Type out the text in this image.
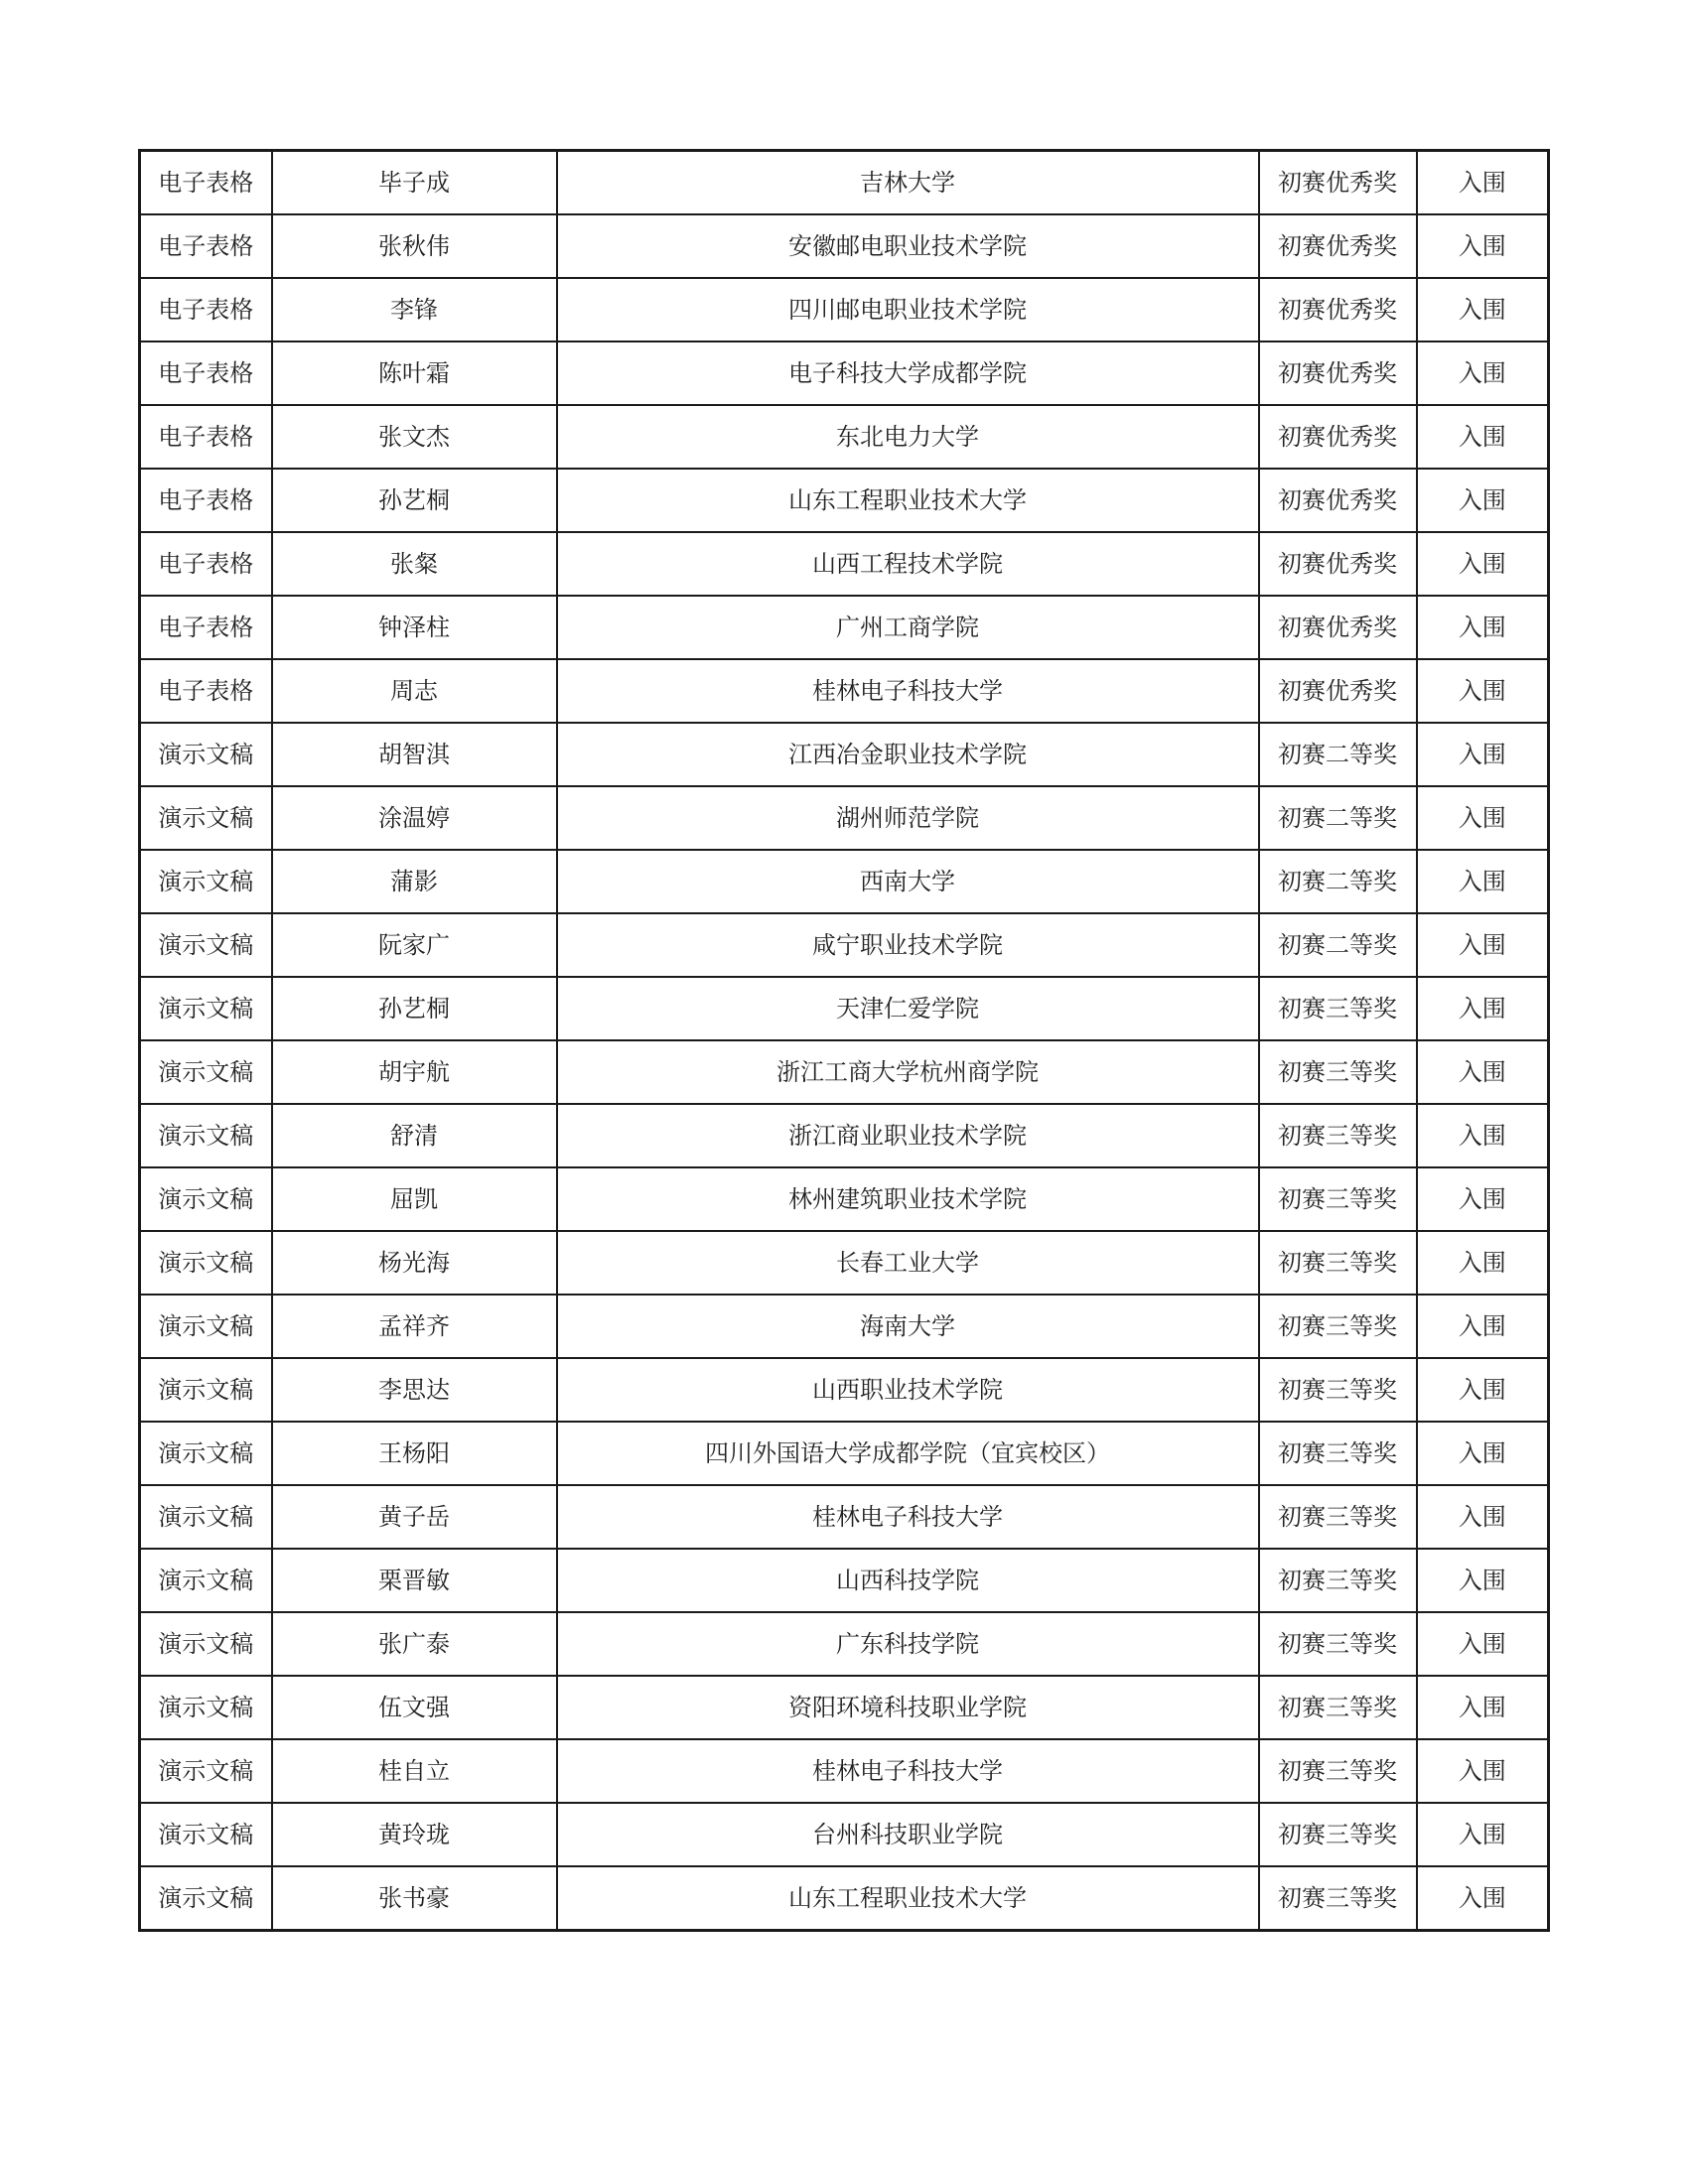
电子表格	毕子成	吉林大学	初赛优秀奖	入围
电子表格	张秋伟	安徽邮电职业技术学院	初赛优秀奖	入围
电子表格	李锋	四川邮电职业技术学院	初赛优秀奖	入围
电子表格	陈叶霜	电子科技大学成都学院	初赛优秀奖	入围
电子表格	张文杰	东北电力大学	初赛优秀奖	入围
电子表格	孙艺桐	山东工程职业技术大学	初赛优秀奖	入围
电子表格	张粲	山西工程技术学院	初赛优秀奖	入围
电子表格	钟泽柱	广州工商学院	初赛优秀奖	入围
电子表格	周志	桂林电子科技大学	初赛优秀奖	入围
演示文稿	胡智淇	江西冶金职业技术学院	初赛二等奖	入围
演示文稿	涂温婷	湖州师范学院	初赛二等奖	入围
演示文稿	蒲影	西南大学	初赛二等奖	入围
演示文稿	阮家广	咸宁职业技术学院	初赛二等奖	入围
演示文稿	孙艺桐	天津仁爱学院	初赛三等奖	入围
演示文稿	胡宇航	浙江工商大学杭州商学院	初赛三等奖	入围
演示文稿	舒清	浙江商业职业技术学院	初赛三等奖	入围
演示文稿	屈凯	林州建筑职业技术学院	初赛三等奖	入围
演示文稿	杨光海	长春工业大学	初赛三等奖	入围
演示文稿	孟祥齐	海南大学	初赛三等奖	入围
演示文稿	李思达	山西职业技术学院	初赛三等奖	入围
演示文稿	王杨阳	四川外国语大学成都学院（宜宾校区）	初赛三等奖	入围
演示文稿	黄子岳	桂林电子科技大学	初赛三等奖	入围
演示文稿	栗晋敏	山西科技学院	初赛三等奖	入围
演示文稿	张广泰	广东科技学院	初赛三等奖	入围
演示文稿	伍文强	资阳环境科技职业学院	初赛三等奖	入围
演示文稿	桂自立	桂林电子科技大学	初赛三等奖	入围
演示文稿	黄玲珑	台州科技职业学院	初赛三等奖	入围
演示文稿	张书豪	山东工程职业技术大学	初赛三等奖	入围
